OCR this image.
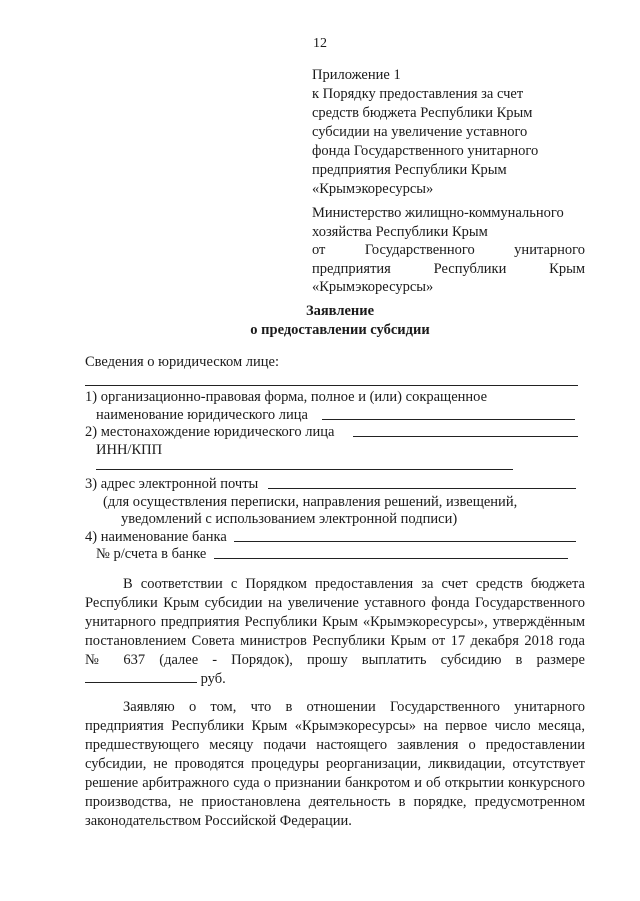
12
Приложение 1
к Порядку предоставления за счет
средств бюджета Республики Крым
субсидии на увеличение уставного
фонда Государственного унитарного
предприятия Республики Крым
«Крымэкоресурсы»
Министерство жилищно-коммунального
хозяйства Республики Крым
от Государственного унитарного
предприятия Республики Крым
«Крымэкоресурсы»
Заявление
о предоставлении субсидии
Сведения о юридическом лице:
1) организационно-правовая форма, полное и (или) сокращенное
наименование юридического лица
2) местонахождение юридического лица
ИНН/КПП
3) адрес электронной почты
(для осуществления переписки, направления решений, извещений,
уведомлений с использованием электронной подписи)
4) наименование банка
№ р/счета в банке
В соответствии с Порядком предоставления за счет средств бюджета Республики Крым субсидии на увеличение уставного фонда Государственного унитарного предприятия Республики Крым «Крымэкоресурсы», утверждённым постановлением Совета министров Республики Крым от 17 декабря 2018 года № 637 (далее - Порядок), прошу выплатить субсидию в размере  руб.
Заявляю о том, что в отношении Государственного унитарного предприятия Республики Крым «Крымэкоресурсы» на первое число месяца, предшествующего месяцу подачи настоящего заявления о предоставлении субсидии, не проводятся процедуры реорганизации, ликвидации, отсутствует решение арбитражного суда о признании банкротом и об открытии конкурсного производства, не приостановлена деятельность в порядке, предусмотренном законодательством Российской Федерации.
